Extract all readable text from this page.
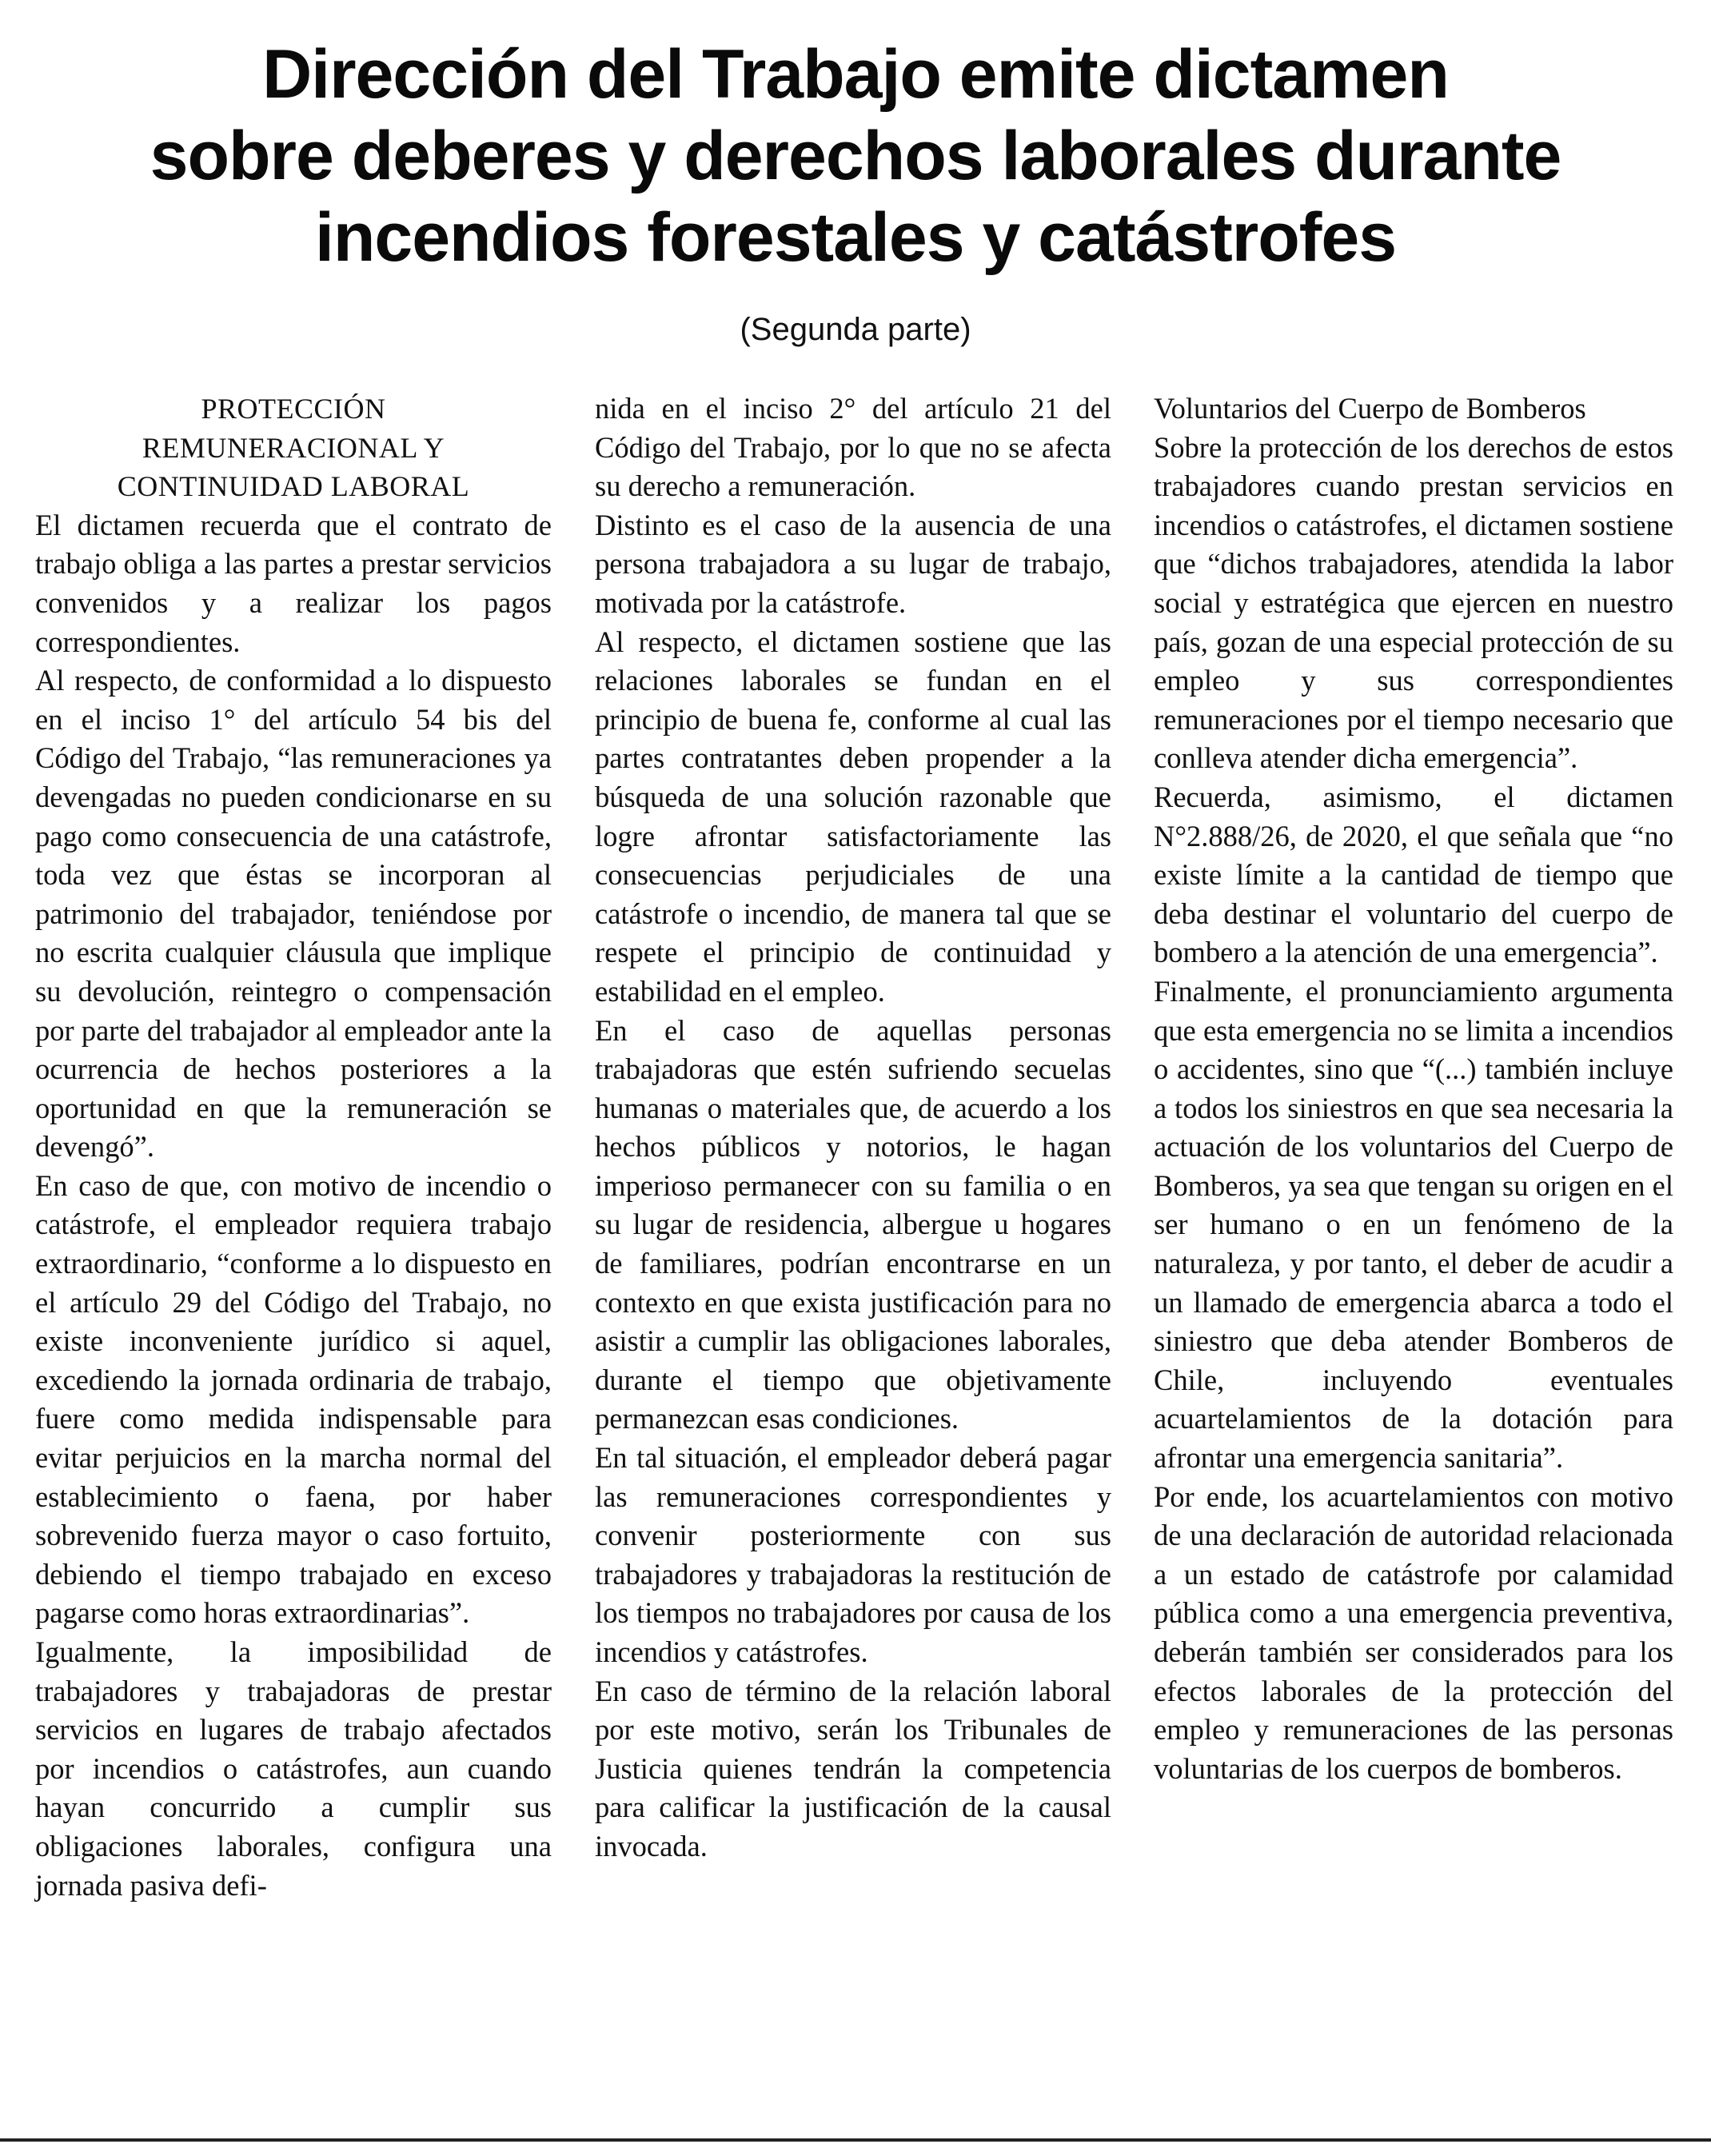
Dirección del Trabajo emite dictamen
sobre deberes y derechos laborales durante
incendios forestales y catástrofes
(Segunda parte)
PROTECCIÓN
REMUNERACIONAL Y
CONTINUIDAD LABORAL

El dictamen recuerda que el contrato de trabajo obliga a las partes a prestar servicios convenidos y a realizar los pagos correspondientes.

Al respecto, de conformidad a lo dispuesto en el inciso 1° del artículo 54 bis del Código del Trabajo, “las remuneraciones ya devengadas no pueden condicionarse en su pago como consecuencia de una catástrofe, toda vez que éstas se incorporan al patrimonio del trabajador, teniéndose por no escrita cualquier cláusula que implique su devolución, reintegro o compensación por parte del trabajador al empleador ante la ocurrencia de hechos posteriores a la oportunidad en que la remuneración se devengó”.

En caso de que, con motivo de incendio o catástrofe, el empleador requiera trabajo extraordinario, “conforme a lo dispuesto en el artículo 29 del Código del Trabajo, no existe inconveniente jurídico si aquel, excediendo la jornada ordinaria de trabajo, fuere como medida indispensable para evitar perjuicios en la marcha normal del establecimiento o faena, por haber sobrevenido fuerza mayor o caso fortuito, debiendo el tiempo trabajado en exceso pagarse como horas extraordinarias”.

Igualmente, la imposibilidad de trabajadores y trabajadoras de prestar servicios en lugares de trabajo afectados por incendios o catástrofes, aun cuando hayan concurrido a cumplir sus obligaciones laborales, configura una jornada pasiva defi-

nida en el inciso 2° del artículo 21 del Código del Trabajo, por lo que no se afecta su derecho a remuneración.

Distinto es el caso de la ausencia de una persona trabajadora a su lugar de trabajo, motivada por la catástrofe.

Al respecto, el dictamen sostiene que las relaciones laborales se fundan en el principio de buena fe, conforme al cual las partes contratantes deben propender a la búsqueda de una solución razonable que logre afrontar satisfactoriamente las consecuencias perjudiciales de una catástrofe o incendio, de manera tal que se respete el principio de continuidad y estabilidad en el empleo.

En el caso de aquellas personas trabajadoras que estén sufriendo secuelas humanas o materiales que, de acuerdo a los hechos públicos y notorios, le hagan imperioso permanecer con su familia o en su lugar de residencia, albergue u hogares de familiares, podrían encontrarse en un contexto en que exista justificación para no asistir a cumplir las obligaciones laborales, durante el tiempo que objetivamente permanezcan esas condiciones.

En tal situación, el empleador deberá pagar las remuneraciones correspondientes y convenir posteriormente con sus trabajadores y trabajadoras la restitución de los tiempos no trabajadores por causa de los incendios y catástrofes.

En caso de término de la relación laboral por este motivo, serán los Tribunales de Justicia quienes tendrán la competencia para calificar la justificación de la causal invocada.

Voluntarios del Cuerpo de Bomberos

Sobre la protección de los derechos de estos trabajadores cuando prestan servicios en incendios o catástrofes, el dictamen sostiene que “dichos trabajadores, atendida la labor social y estratégica que ejercen en nuestro país, gozan de una especial protección de su empleo y sus correspondientes remuneraciones por el tiempo necesario que conlleva atender dicha emergencia”.

Recuerda, asimismo, el dictamen N°2.888/26, de 2020, el que señala que “no existe límite a la cantidad de tiempo que deba destinar el voluntario del cuerpo de bombero a la atención de una emergencia”.

Finalmente, el pronunciamiento argumenta que esta emergencia no se limita a incendios o accidentes, sino que “(...) también incluye a todos los siniestros en que sea necesaria la actuación de los voluntarios del Cuerpo de Bomberos, ya sea que tengan su origen en el ser humano o en un fenómeno de la naturaleza, y por tanto, el deber de acudir a un llamado de emergencia abarca a todo el siniestro que deba atender Bomberos de Chile, incluyendo eventuales acuartelamientos de la dotación para afrontar una emergencia sanitaria”.

Por ende, los acuartelamientos con motivo de una declaración de autoridad relacionada a un estado de catástrofe por calamidad pública como a una emergencia preventiva, deberán también ser considerados para los efectos laborales de la protección del empleo y remuneraciones de las personas voluntarias de los cuerpos de bomberos.
